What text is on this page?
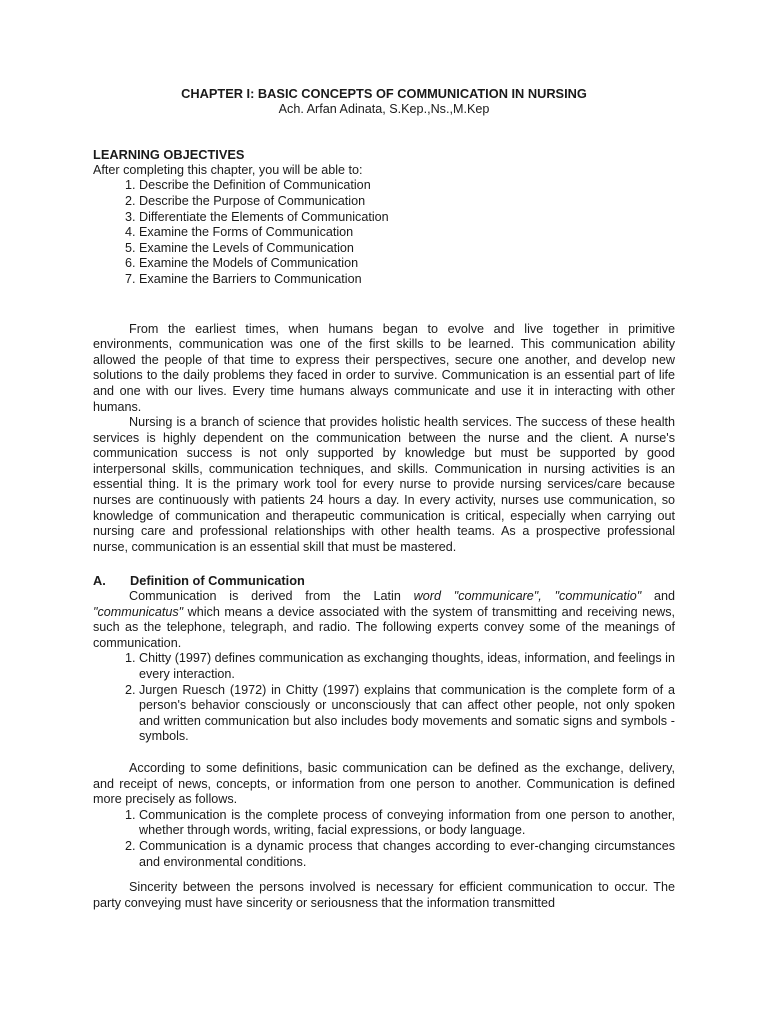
CHAPTER I: BASIC CONCEPTS OF COMMUNICATION IN NURSING

Ach. Arfan Adinata, S.Kep.,Ns.,M.Kep

LEARNING OBJECTIVES

After completing this chapter, you will be able to:

1. Describe the Definition of Communication
2. Describe the Purpose of Communication
3. Differentiate the Elements of Communication
4. Examine the Forms of Communication
5. Examine the Levels of Communication
6. Examine the Models of Communication
7. Examine the Barriers to Communication

From the earliest times, when humans began to evolve and live together in primitive environments, communication was one of the first skills to be learned. This communication ability allowed the people of that time to express their perspectives, secure one another, and develop new solutions to the daily problems they faced in order to survive. Communication is an essential part of life and one with our lives. Every time humans always communicate and use it in interacting with other humans.

Nursing is a branch of science that provides holistic health services. The success of these health services is highly dependent on the communication between the nurse and the client. A nurse's communication success is not only supported by knowledge but must be supported by good interpersonal skills, communication techniques, and skills. Communication in nursing activities is an essential thing. It is the primary work tool for every nurse to provide nursing services/care because nurses are continuously with patients 24 hours a day. In every activity, nurses use communication, so knowledge of communication and therapeutic communication is critical, especially when carrying out nursing care and professional relationships with other health teams. As a prospective professional nurse, communication is an essential skill that must be mastered.

A.	Definition of Communication

Communication is derived from the Latin word "communicare", "communicatio" and "communicatus" which means a device associated with the system of transmitting and receiving news, such as the telephone, telegraph, and radio. The following experts convey some of the meanings of communication.

1. Chitty (1997) defines communication as exchanging thoughts, ideas, information, and feelings in every interaction.
2. Jurgen Ruesch (1972) in Chitty (1997) explains that communication is the complete form of a person's behavior consciously or unconsciously that can affect other people, not only spoken and written communication but also includes body movements and somatic signs and symbols -symbols.

According to some definitions, basic communication can be defined as the exchange, delivery, and receipt of news, concepts, or information from one person to another. Communication is defined more precisely as follows.

1. Communication is the complete process of conveying information from one person to another, whether through words, writing, facial expressions, or body language.
2. Communication is a dynamic process that changes according to ever-changing circumstances and environmental conditions.

Sincerity between the persons involved is necessary for efficient communication to occur. The party conveying must have sincerity or seriousness that the information transmitted
